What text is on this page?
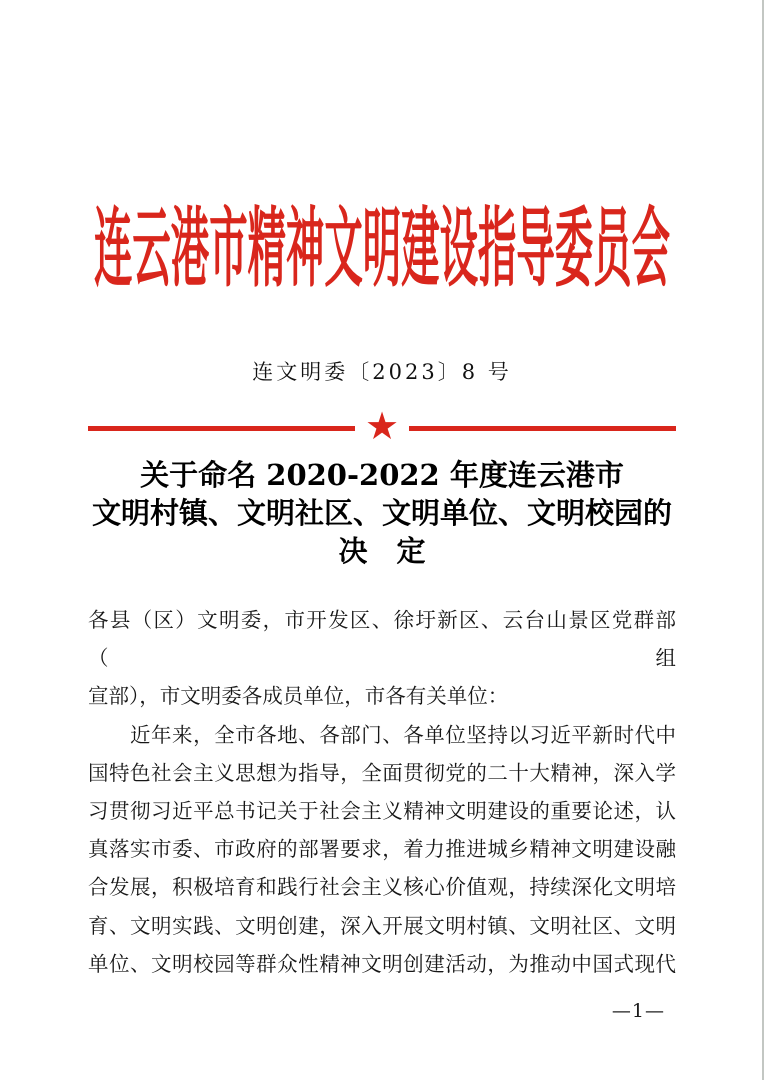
连云港市精神文明建设指导委员会
连文明委〔2023〕8 号
★
关于命名 2020-2022 年度连云港市
文明村镇、文明社区、文明单位、文明校园的
决　定
各县（区）文明委，市开发区、徐圩新区、云台山景区党群部（组
宣部），市文明委各成员单位，市各有关单位：
近年来，全市各地、各部门、各单位坚持以习近平新时代中
国特色社会主义思想为指导，全面贯彻党的二十大精神，深入学
习贯彻习近平总书记关于社会主义精神文明建设的重要论述，认
真落实市委、市政府的部署要求，着力推进城乡精神文明建设融
合发展，积极培育和践行社会主义核心价值观，持续深化文明培
育、文明实践、文明创建，深入开展文明村镇、文明社区、文明
单位、文明校园等群众性精神文明创建活动，为推动中国式现代
—1—
